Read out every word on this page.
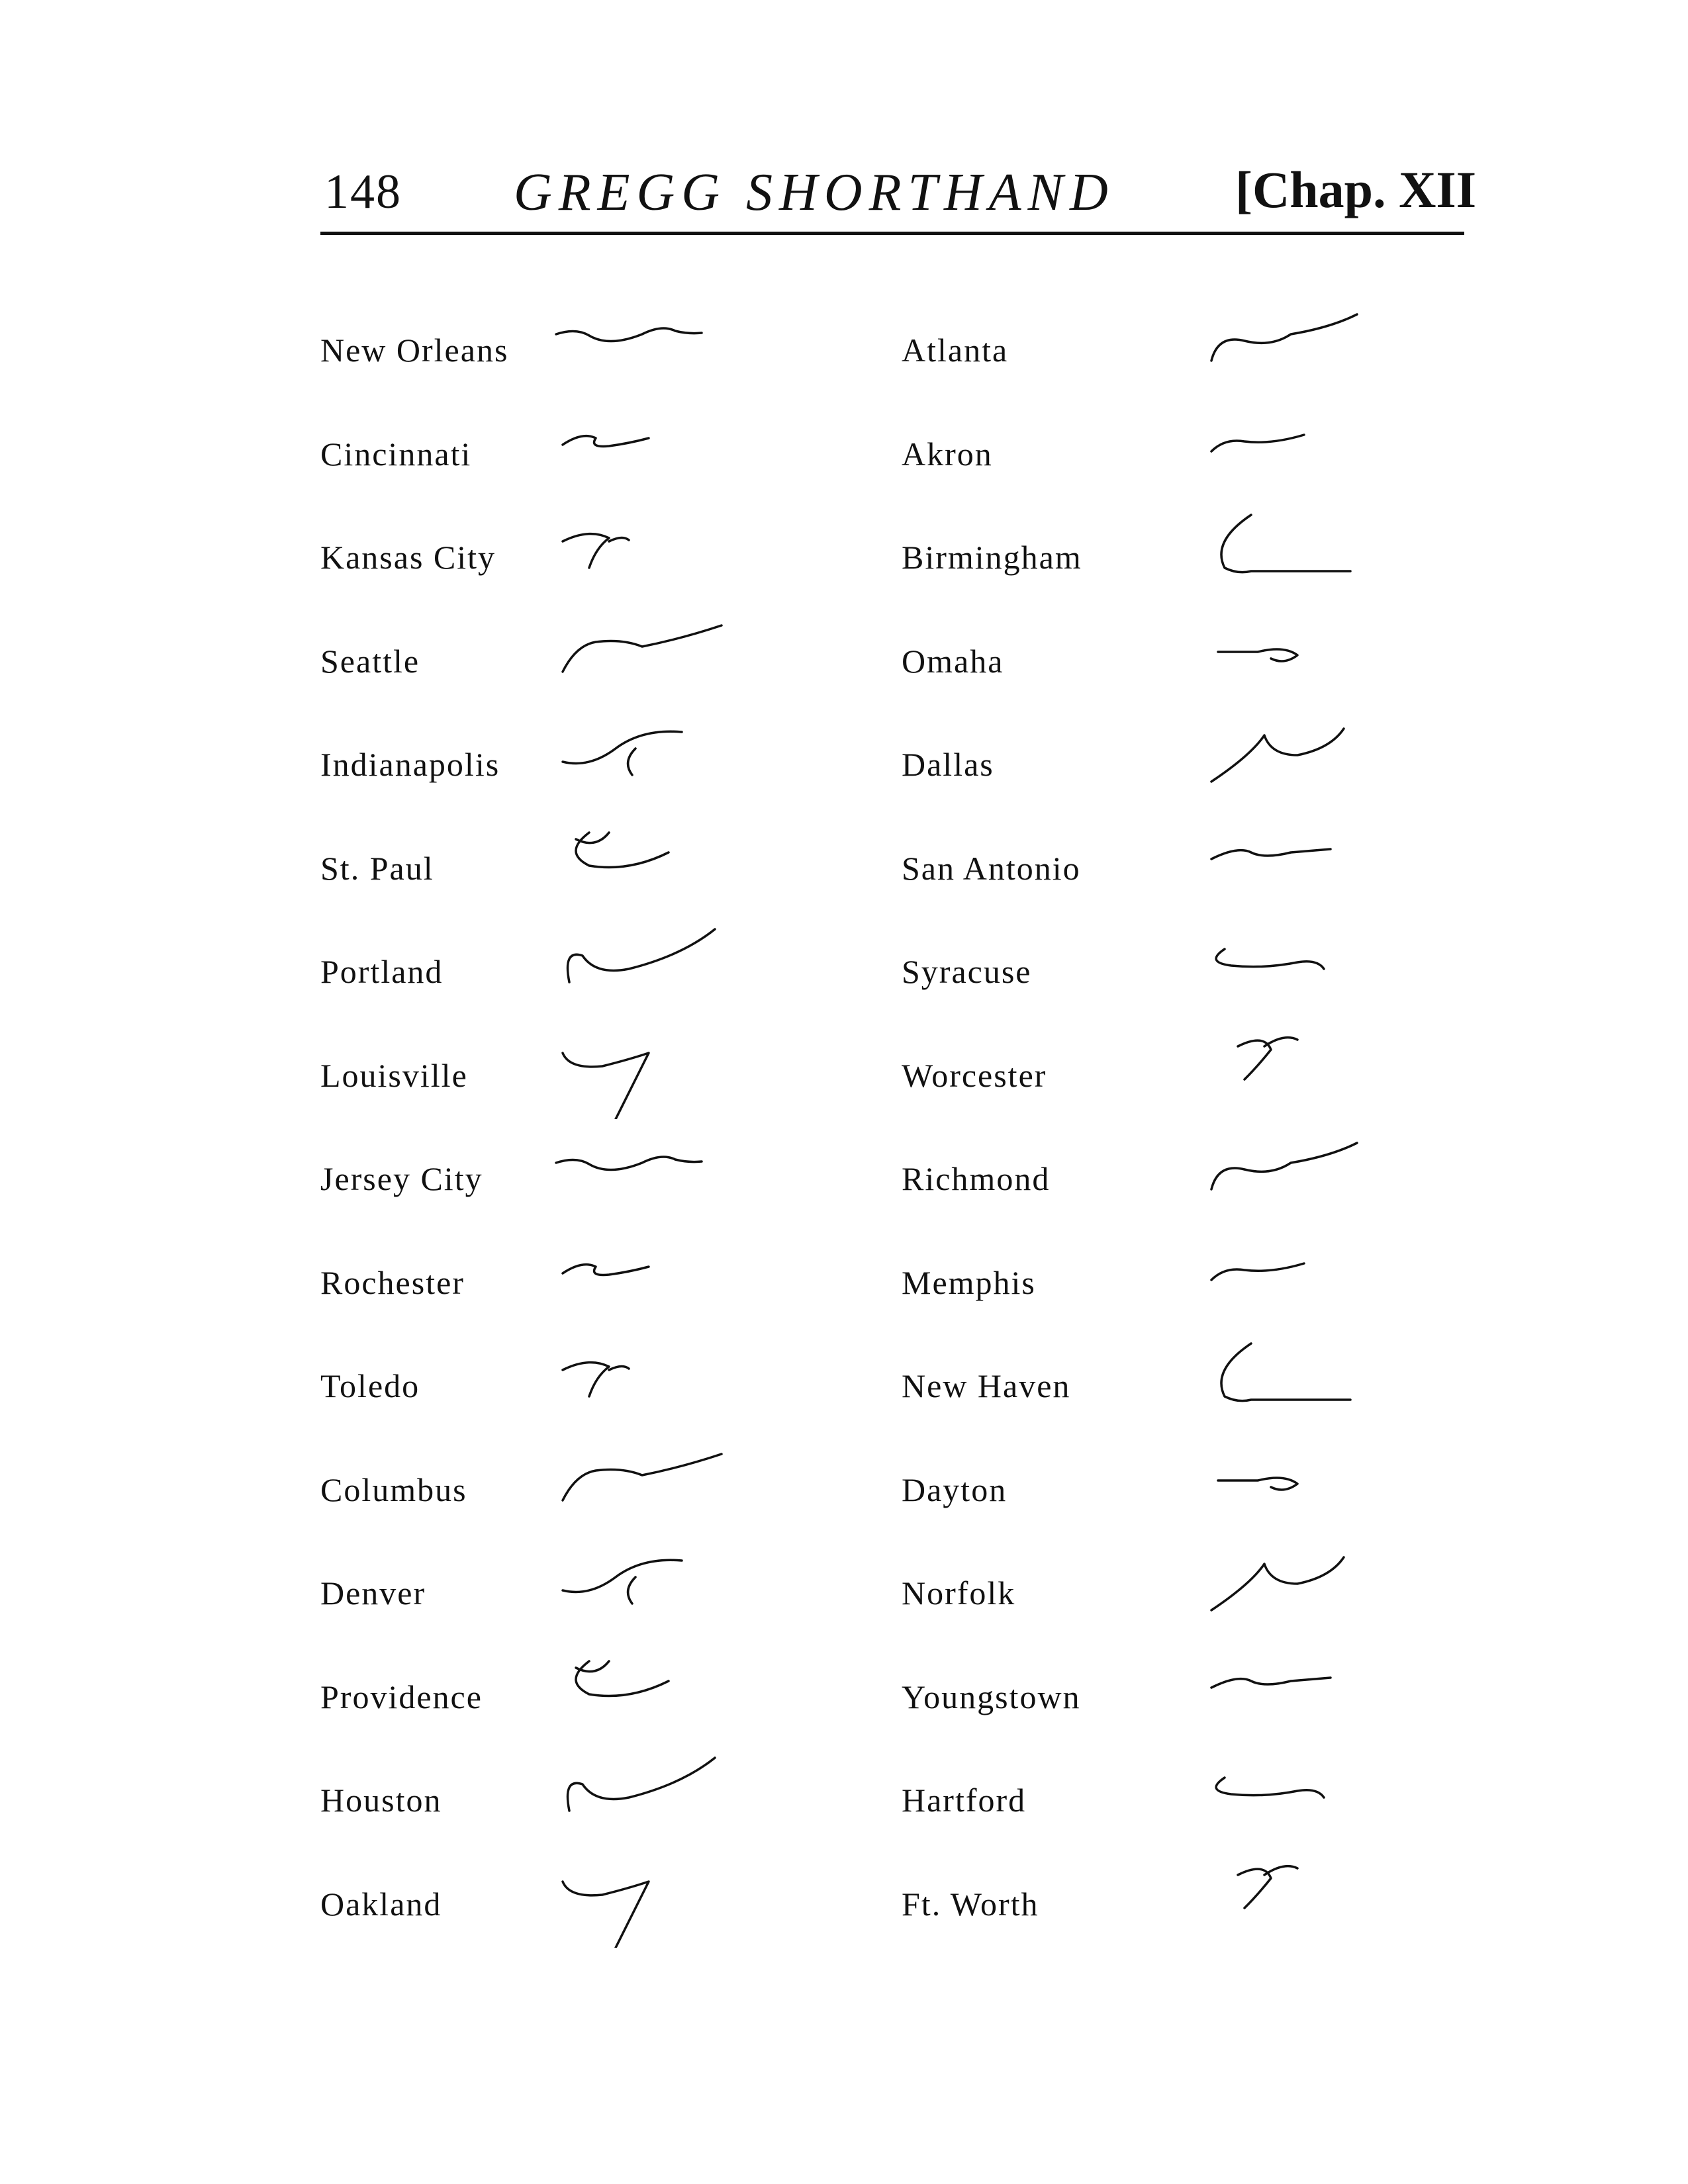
148 GREGG SHORTHAND [Chap. XII
New Orleans
Cincinnati
Kansas City
Seattle
Indianapolis
St. Paul
Portland
Louisville
Jersey City
Rochester
Toledo
Columbus
Denver
Providence
Houston
Oakland
Atlanta
Akron
Birmingham
Omaha
Dallas
San Antonio
Syracuse
Worcester
Richmond
Memphis
New Haven
Dayton
Norfolk
Youngstown
Hartford
Ft. Worth
